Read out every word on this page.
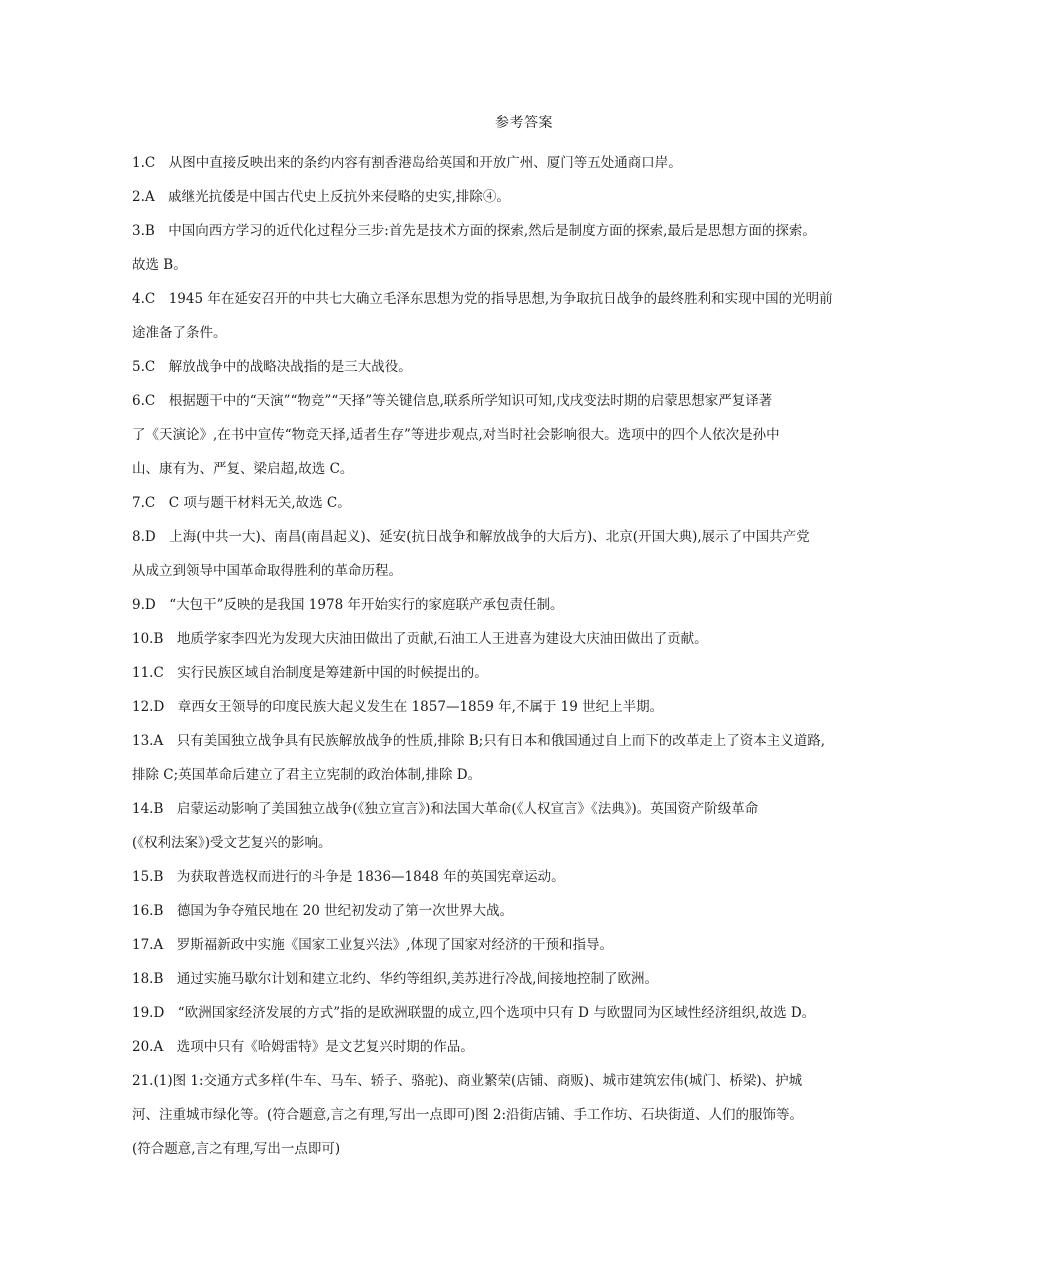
参考答案
1.C　从图中直接反映出来的条约内容有割香港岛给英国和开放广州、厦门等五处通商口岸。
2.A　戚继光抗倭是中国古代史上反抗外来侵略的史实,排除④。
3.B　中国向西方学习的近代化过程分三步:首先是技术方面的探索,然后是制度方面的探索,最后是思想方面的探索。
故选 B。
4.C　1945 年在延安召开的中共七大确立毛泽东思想为党的指导思想,为争取抗日战争的最终胜利和实现中国的光明前
途准备了条件。
5.C　解放战争中的战略决战指的是三大战役。
6.C　根据题干中的“天演”“物竞”“天择”等关键信息,联系所学知识可知,戊戌变法时期的启蒙思想家严复译著
了《天演论》,在书中宣传“物竞天择,适者生存”等进步观点,对当时社会影响很大。选项中的四个人依次是孙中
山、康有为、严复、梁启超,故选 C。
7.C　C 项与题干材料无关,故选 C。
8.D　上海(中共一大)、南昌(南昌起义)、延安(抗日战争和解放战争的大后方)、北京(开国大典),展示了中国共产党
从成立到领导中国革命取得胜利的革命历程。
9.D　“大包干”反映的是我国 1978 年开始实行的家庭联产承包责任制。
10.B　地质学家李四光为发现大庆油田做出了贡献,石油工人王进喜为建设大庆油田做出了贡献。
11.C　实行民族区域自治制度是筹建新中国的时候提出的。
12.D　章西女王领导的印度民族大起义发生在 1857—1859 年,不属于 19 世纪上半期。
13.A　只有美国独立战争具有民族解放战争的性质,排除 B;只有日本和俄国通过自上而下的改革走上了资本主义道路,
排除 C;英国革命后建立了君主立宪制的政治体制,排除 D。
14.B　启蒙运动影响了美国独立战争(《独立宣言》)和法国大革命(《人权宣言》《法典》)。英国资产阶级革命
(《权利法案》)受文艺复兴的影响。
15.B　为获取普选权而进行的斗争是 1836—1848 年的英国宪章运动。
16.B　德国为争夺殖民地在 20 世纪初发动了第一次世界大战。
17.A　罗斯福新政中实施《国家工业复兴法》,体现了国家对经济的干预和指导。
18.B　通过实施马歇尔计划和建立北约、华约等组织,美苏进行冷战,间接地控制了欧洲。
19.D　“欧洲国家经济发展的方式”指的是欧洲联盟的成立,四个选项中只有 D 与欧盟同为区域性经济组织,故选 D。
20.A　选项中只有《哈姆雷特》是文艺复兴时期的作品。
21.(1)图 1:交通方式多样(牛车、马车、轿子、骆驼)、商业繁荣(店铺、商贩)、城市建筑宏伟(城门、桥梁)、护城
河、注重城市绿化等。(符合题意,言之有理,写出一点即可)图 2:沿街店铺、手工作坊、石块街道、人们的服饰等。
(符合题意,言之有理,写出一点即可)
